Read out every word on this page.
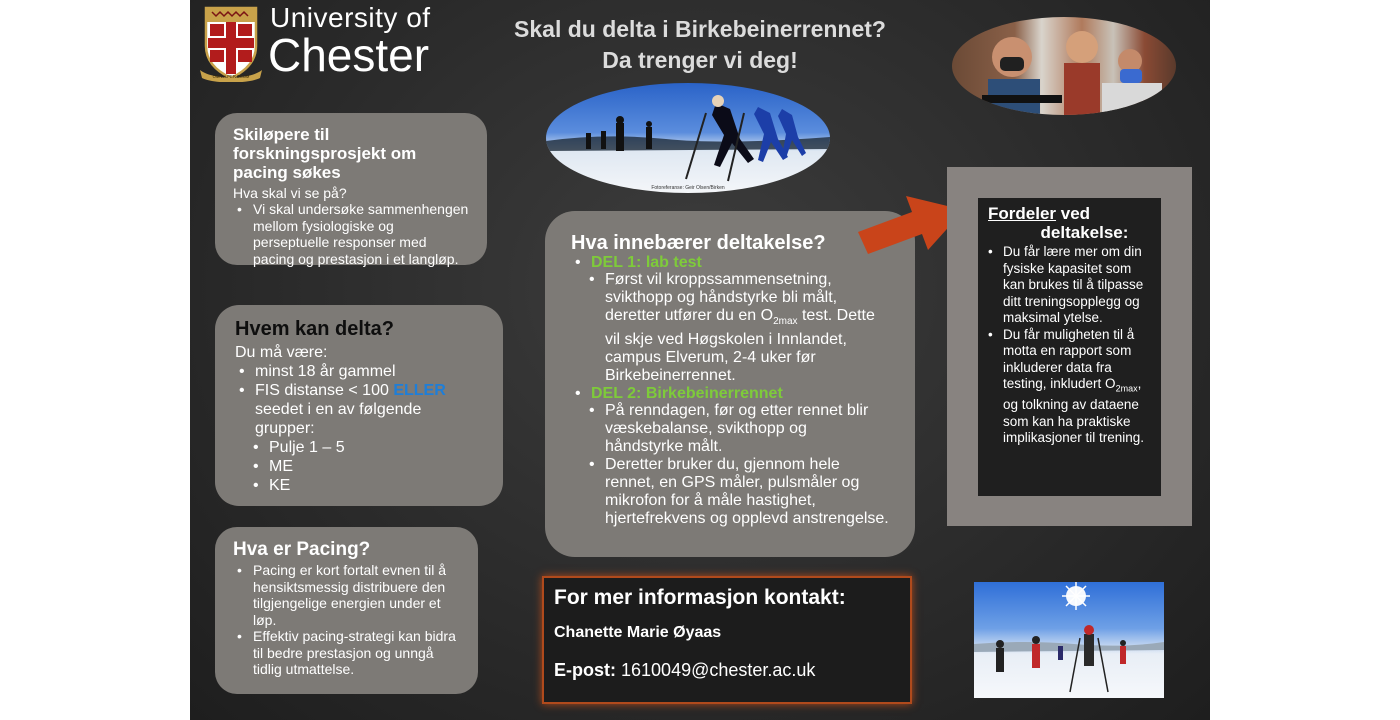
OMNIA PER DEUM
University of
Chester	Skal du delta i Birkebeinerrennet?
Da trenger vi deg!
Fotoreferanse: Geir Olsen/Birken
Skiløpere til forskningsprosjekt om pacing søkes

Hva skal vi se på?

• Vi skal undersøke sammenhengen mellom fysiologiske og perseptuelle responser med pacing og prestasjon i et langløp.
Hvem kan delta?
Du må være:
• minst 18 år gammel
• FIS distanse < 100 ELLER seedet i en av følgende grupper:
• Pulje 1 – 5
• ME
• KE
Hva er Pacing?
• Pacing er kort fortalt evnen til å hensiktsmessig distribuere den tilgjengelige energien under et løp.
• Effektiv pacing-strategi kan bidra til bedre prestasjon og unngå tidlig utmattelse.
Hva innebærer deltakelse?
• DEL 1: lab test
• Først vil kroppssammensetning, svikthopp og håndstyrke bli målt, deretter utfører du en $O_{2max}$ test. Dette vil skje ved Høgskolen i Innlandet, campus Elverum, 2-4 uker før Birkebeinerrennet.
• DEL 2: Birkebeinerrennet
• På renndagen, før og etter rennet blir væskebalanse, svikthopp og håndstyrke målt.
• Deretter bruker du, gjennom hele rennet, en GPS måler, pulsmåler og mikrofon for å måle hastighet, hjertefrekvens og opplevd anstrengelse.
For mer informasjon kontakt:
Chanette Marie Øyaas
E-post: 1610049@chester.ac.uk
Fordeler ved
deltakelse:
• Du får lære mer om din fysiske kapasitet som kan brukes til å tilpasse ditt treningsopplegg og maksimal ytelse.
• Du får muligheten til å motta en rapport som inkluderer data fra testing, inkludert $O_{2max}$, og tolkning av dataene som kan ha praktiske implikasjoner til trening.
